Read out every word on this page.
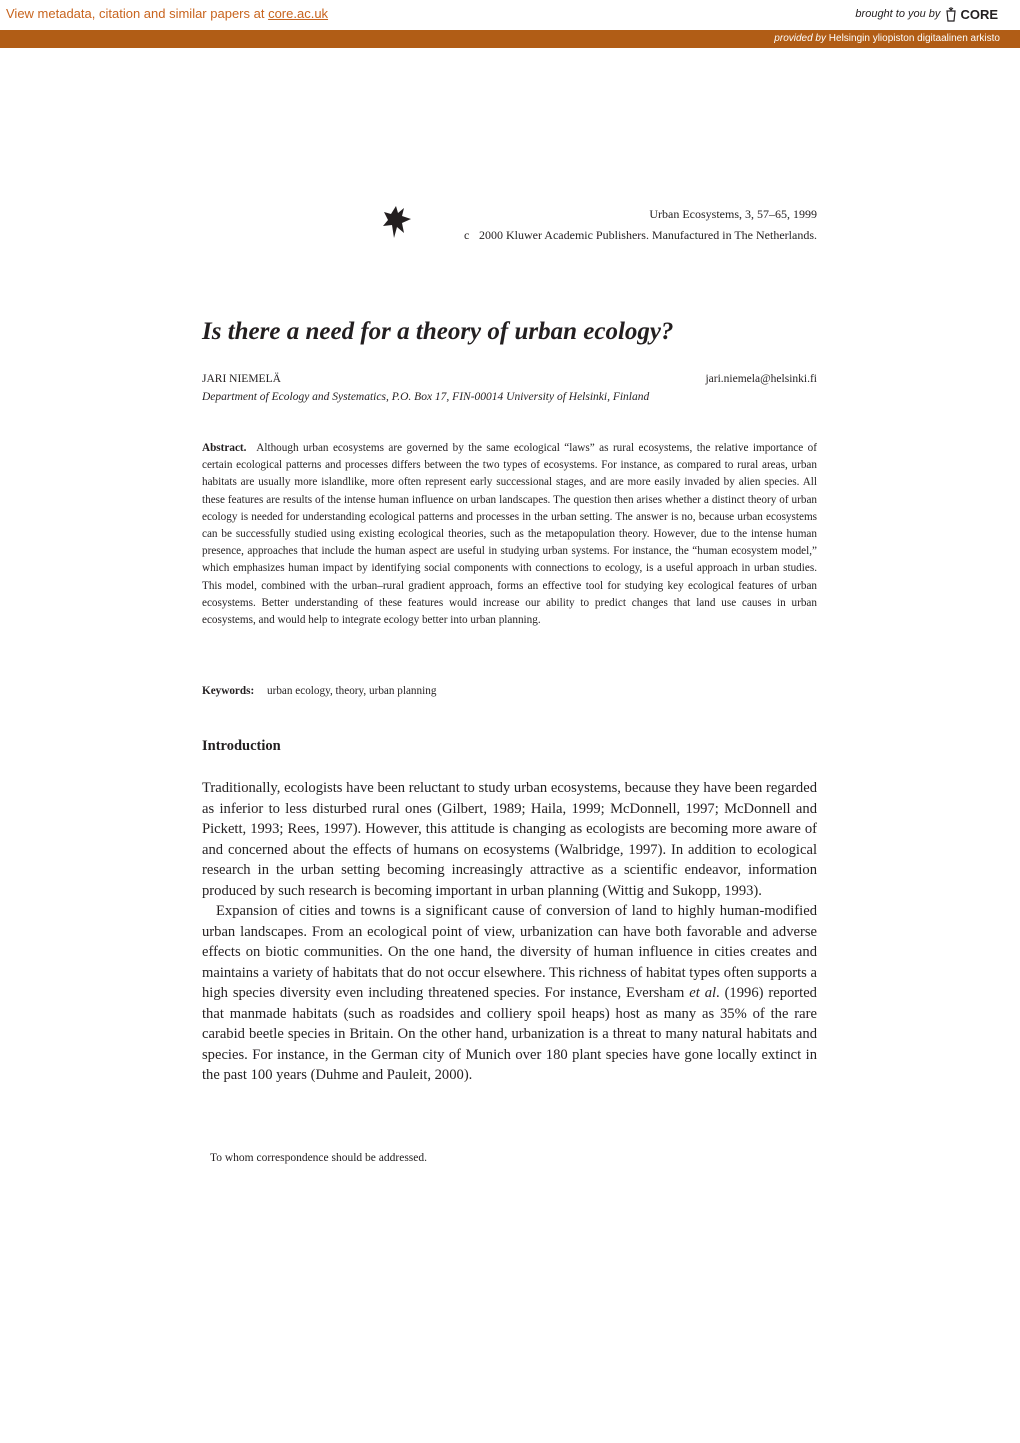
View metadata, citation and similar papers at core.ac.uk	brought to you by CORE
provided by Helsingin yliopiston digitaalinen arkisto
Urban Ecosystems, 3, 57–65, 1999
c 2000 Kluwer Academic Publishers. Manufactured in The Netherlands.
Is there a need for a theory of urban ecology?
JARI NIEMELÄ	jari.niemela@helsinki.fi
Department of Ecology and Systematics, P.O. Box 17, FIN-00014 University of Helsinki, Finland

Abstract. Although urban ecosystems are governed by the same ecological “laws” as rural ecosystems, the relative importance of certain ecological patterns and processes differs between the two types of ecosystems. For instance, as compared to rural areas, urban habitats are usually more islandlike, more often represent early successional stages, and are more easily invaded by alien species. All these features are results of the intense human influence on urban landscapes. The question then arises whether a distinct theory of urban ecology is needed for understanding ecological patterns and processes in the urban setting. The answer is no, because urban ecosystems can be successfully studied using existing ecological theories, such as the metapopulation theory. However, due to the intense human presence, approaches that include the human aspect are useful in studying urban systems. For instance, the “human ecosystem model,” which emphasizes human impact by identifying social components with connections to ecology, is a useful approach in urban studies. This model, combined with the urban–rural gradient approach, forms an effective tool for studying key ecological features of urban ecosystems. Better understanding of these features would increase our ability to predict changes that land use causes in urban ecosystems, and would help to integrate ecology better into urban planning.

Keywords: urban ecology, theory, urban planning
Introduction

Traditionally, ecologists have been reluctant to study urban ecosystems, because they have been regarded as inferior to less disturbed rural ones (Gilbert, 1989; Haila, 1999; McDonnell, 1997; McDonnell and Pickett, 1993; Rees, 1997). However, this attitude is changing as ecologists are becoming more aware of and concerned about the effects of humans on ecosystems (Walbridge, 1997). In addition to ecological research in the urban setting becoming increasingly attractive as a scientific endeavor, information produced by such research is becoming important in urban planning (Wittig and Sukopp, 1993).

Expansion of cities and towns is a significant cause of conversion of land to highly human-modified urban landscapes. From an ecological point of view, urbanization can have both favorable and adverse effects on biotic communities. On the one hand, the diversity of human influence in cities creates and maintains a variety of habitats that do not occur elsewhere. This richness of habitat types often supports a high species diversity even including threatened species. For instance, Eversham et al. (1996) reported that manmade habitats (such as roadsides and colliery spoil heaps) host as many as 35% of the rare carabid beetle species in Britain. On the other hand, urbanization is a threat to many natural habitats and species. For instance, in the German city of Munich over 180 plant species have gone locally extinct in the past 100 years (Duhme and Pauleit, 2000).

To whom correspondence should be addressed.
